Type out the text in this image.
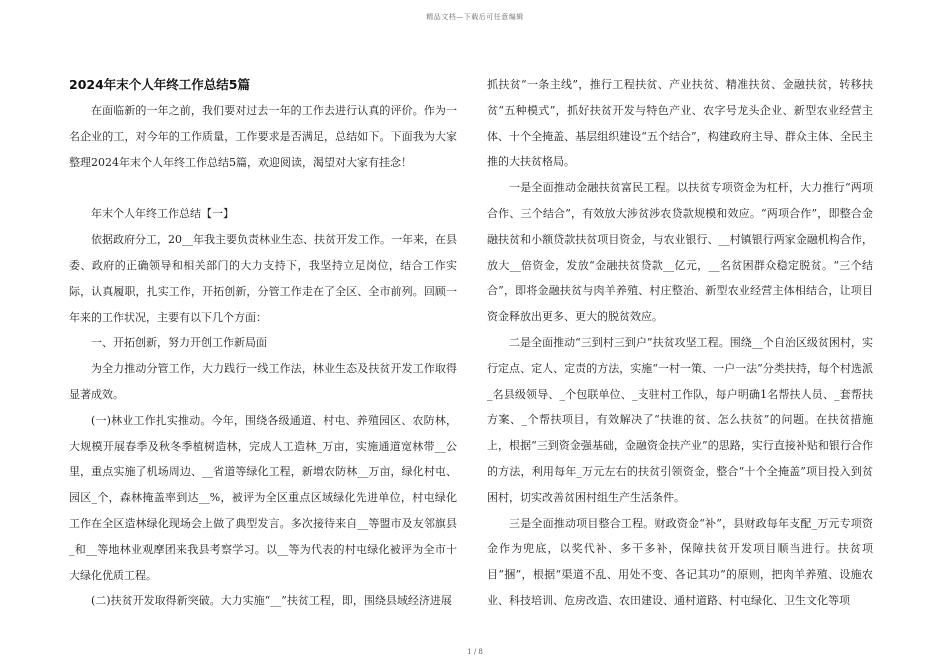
精品文档—下载后可任意编辑

2024年末个人年终工作总结5篇

在面临新的一年之前，我们要对过去一年的工作去进行认真的评价。作为一名企业的工，对今年的工作质量，工作要求是否满足，总结如下。下面我为大家整理2024年末个人年终工作总结5篇，欢迎阅读，渴望对大家有挂念！

年末个人年终工作总结【一】

依据政府分工，20__年我主要负责林业生态、扶贫开发工作。一年来，在县委、政府的正确领导和相关部门的大力支持下，我坚持立足岗位，结合工作实际，认真履职，扎实工作，开拓创新，分管工作走在了全区、全市前列。回顾一年来的工作状况，主要有以下几个方面：

一、开拓创新，努力开创工作新局面

为全力推动分管工作，大力践行一线工作法，林业生态及扶贫开发工作取得显著成效。

(一)林业工作扎实推动。今年，围绕各级通道、村屯、养殖园区、农防林，大规模开展春季及秋冬季植树造林，完成人工造林_万亩，实施通道宽林带__公里，重点实施了机场周边、__省道等绿化工程，新增农防林__万亩，绿化村屯、园区_个，森林掩盖率到达__%，被评为全区重点区域绿化先进单位，村屯绿化工作在全区造林绿化现场会上做了典型发言。多次接待来自__等盟市及友邻旗县_和__等地林业观摩团来我县考察学习。以__等为代表的村屯绿化被评为全市十大绿化优质工程。

(二)扶贫开发取得新突破。大力实施“__”扶贫工程，即，围绕县域经济进展

抓扶贫“一条主线”，推行工程扶贫、产业扶贫、精准扶贫、金融扶贫，转移扶贫“五种模式”，抓好扶贫开发与特色产业、农字号龙头企业、新型农业经营主体、十个全掩盖、基层组织建设“五个结合”，构建政府主导、群众主体、全民主推的大扶贫格局。

一是全面推动金融扶贫富民工程。以扶贫专项资金为杠杆，大力推行“两项合作、三个结合”，有效放大涉贫涉农贷款规模和效应。“两项合作”，即整合金融扶贫和小额贷款扶贫项目资金，与农业银行、__村镇银行两家金融机构合作，放大__倍资金，发放“金融扶贫贷款__亿元，__名贫困群众稳定脱贫。“三个结合”，即将金融扶贫与肉羊养殖、村庄整治、新型农业经营主体相结合，让项目资金释放出更多、更大的脱贫效应。

二是全面推动“三到村三到户”扶贫攻坚工程。围绕__个自治区级贫困村，实行定点、定人、定责的方法，实施“一村一策、一户一法”分类扶持，每个村选派_名县级领导、_个包联单位、_支驻村工作队，每户明确1名帮扶人员、_套帮扶方案、_个帮扶项目，有效解决了“扶谁的贫、怎么扶贫”的问题。在扶贫措施上，根据“三到资金强基础，金融资金扶产业”的思路，实行直接补贴和银行合作的方法，利用每年_万元左右的扶贫引领资金，整合“十个全掩盖”项目投入到贫困村，切实改善贫困村组生产生活条件。

三是全面推动项目整合工程。财政资金“补”，县财政每年支配_万元专项资金作为兜底，以奖代补、多干多补，保障扶贫开发项目顺当进行。扶贫项目“捆”，根据“渠道不乱、用处不变、各记其功”的原则，把肉羊养殖、设施农业、科技培训、危房改造、农田建设、通村道路、村屯绿化、卫生文化等项

1 / 8
